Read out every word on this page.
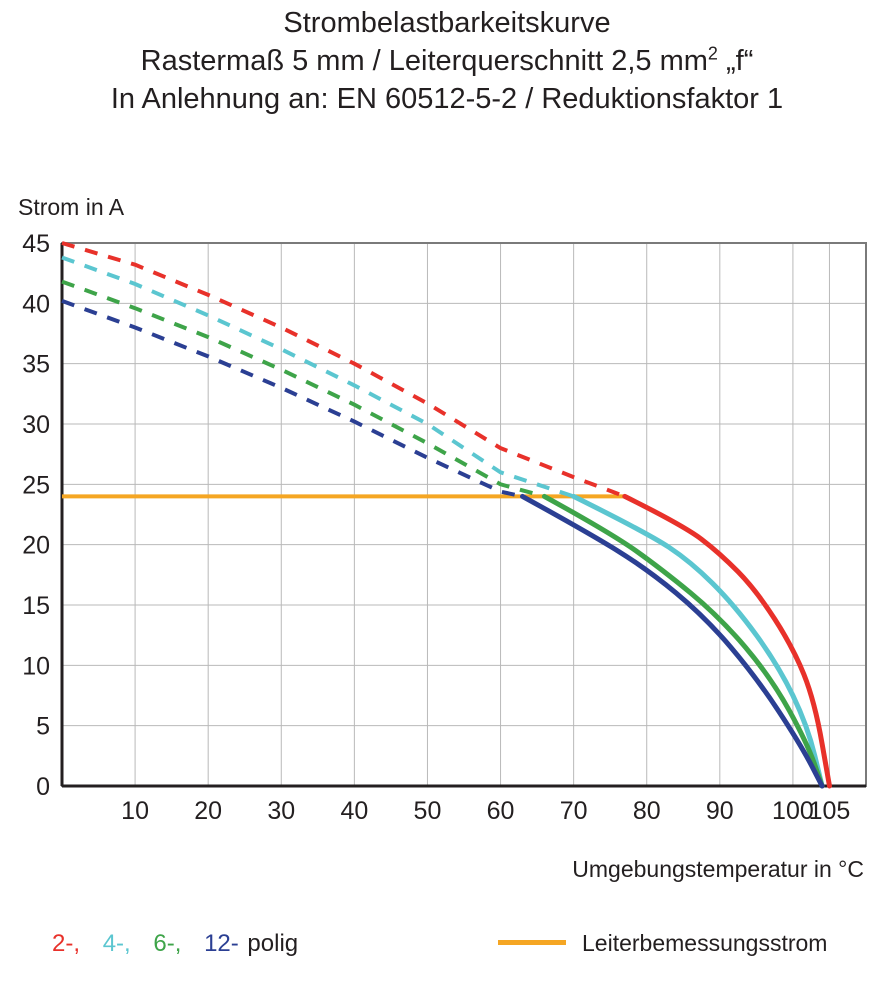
Strombelastbarkeitskurve
Rastermaß 5 mm / Leiterquerschnitt 2,5 $mm^2$ „f“
In Anlehnung an: EN 60512-5-2 / Reduktionsfaktor 1
Strom in A
0
5
10
15
20
25
30
35
40
45
10 20 30 40 50 60 70 80 90 100
105
Umgebungstemperatur in °C
2-, 4-, 6-, 12- polig	Leiterbemessungsstrom
